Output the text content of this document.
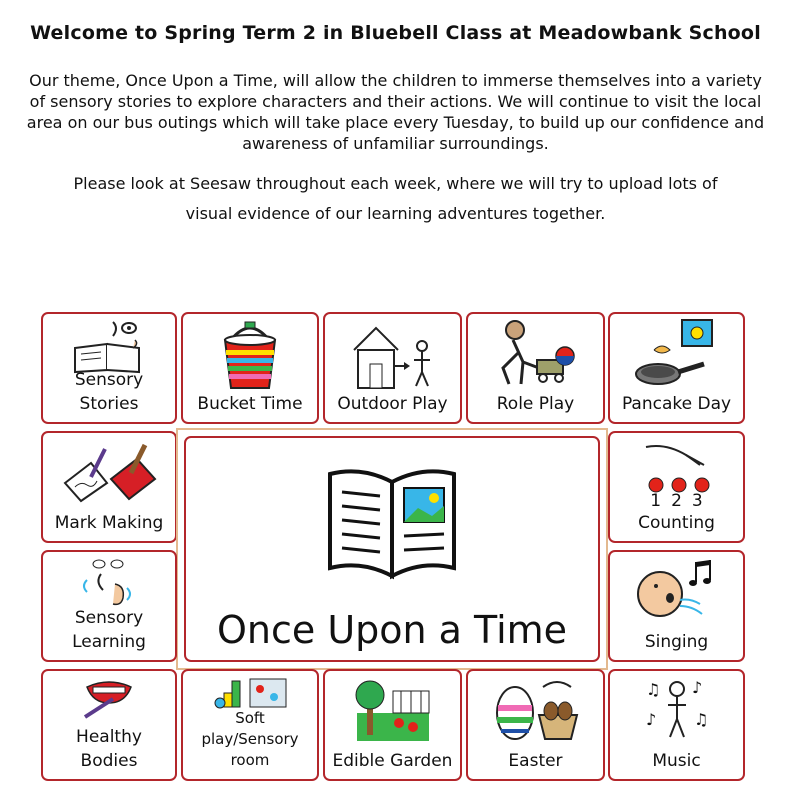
Welcome to Spring Term 2 in Bluebell Class at Meadowbank School
Our theme, Once Upon a Time, will allow the children to immerse themselves into a variety of sensory stories to explore characters and their actions. We will continue to visit the local area on our bus outings which will take place every Tuesday, to build up our confidence and awareness of unfamiliar surroundings.
Please look at Seesaw throughout each week, where we will try to upload lots of
visual evidence of our learning adventures together.
Sensory
Stories	Bucket Time	Outdoor Play	Role Play	Pancake Day
Mark Making
Once Upon a Time
123
Counting
Sensory
Learning	Singing
Healthy
Bodies
Soft
play/Sensory
room	Edible Garden	Easter
♫ ♪
♪ ♫
Music
